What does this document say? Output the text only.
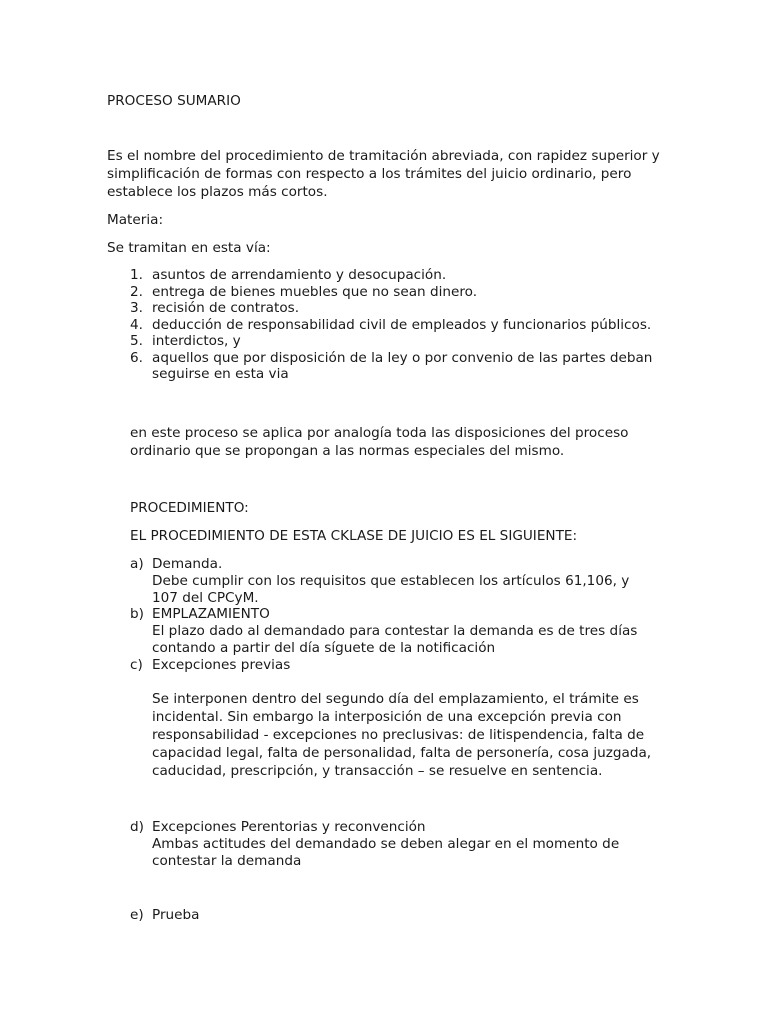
PROCESO SUMARIO
Es el nombre del procedimiento de tramitación abreviada, con rapidez superior y simplificación de formas con respecto a los trámites del juicio ordinario, pero establece los plazos más cortos.
Materia:
Se tramitan en esta vía:
1. asuntos de arrendamiento y desocupación.
2. entrega de bienes muebles que no sean dinero.
3. recisión de contratos.
4. deducción de responsabilidad civil de empleados y funcionarios públicos.
5. interdictos, y
6. aquellos que por disposición de la ley o por convenio de las partes deban seguirse en esta via
en este proceso se aplica por analogía toda las disposiciones del proceso ordinario que se propongan a las normas especiales del mismo.
PROCEDIMIENTO:
EL PROCEDIMIENTO DE ESTA CKLASE DE JUICIO ES EL SIGUIENTE:
a) Demanda.
Debe cumplir con los requisitos que establecen los artículos 61,106, y 107 del CPCyM.
b) EMPLAZAMIENTO
El plazo dado al demandado para contestar la demanda es de tres días contando a partir del día síguete de la notificación
c) Excepciones previas
Se interponen dentro del segundo día del emplazamiento, el trámite es incidental. Sin embargo la interposición de una excepción previa con responsabilidad - excepciones no preclusivas: de litispendencia, falta de capacidad legal, falta de personalidad, falta de personería, cosa juzgada, caducidad, prescripción, y transacción – se resuelve en sentencia.
d) Excepciones Perentorias y reconvención
Ambas actitudes del demandado se deben alegar en el momento de contestar la demanda
e) Prueba
